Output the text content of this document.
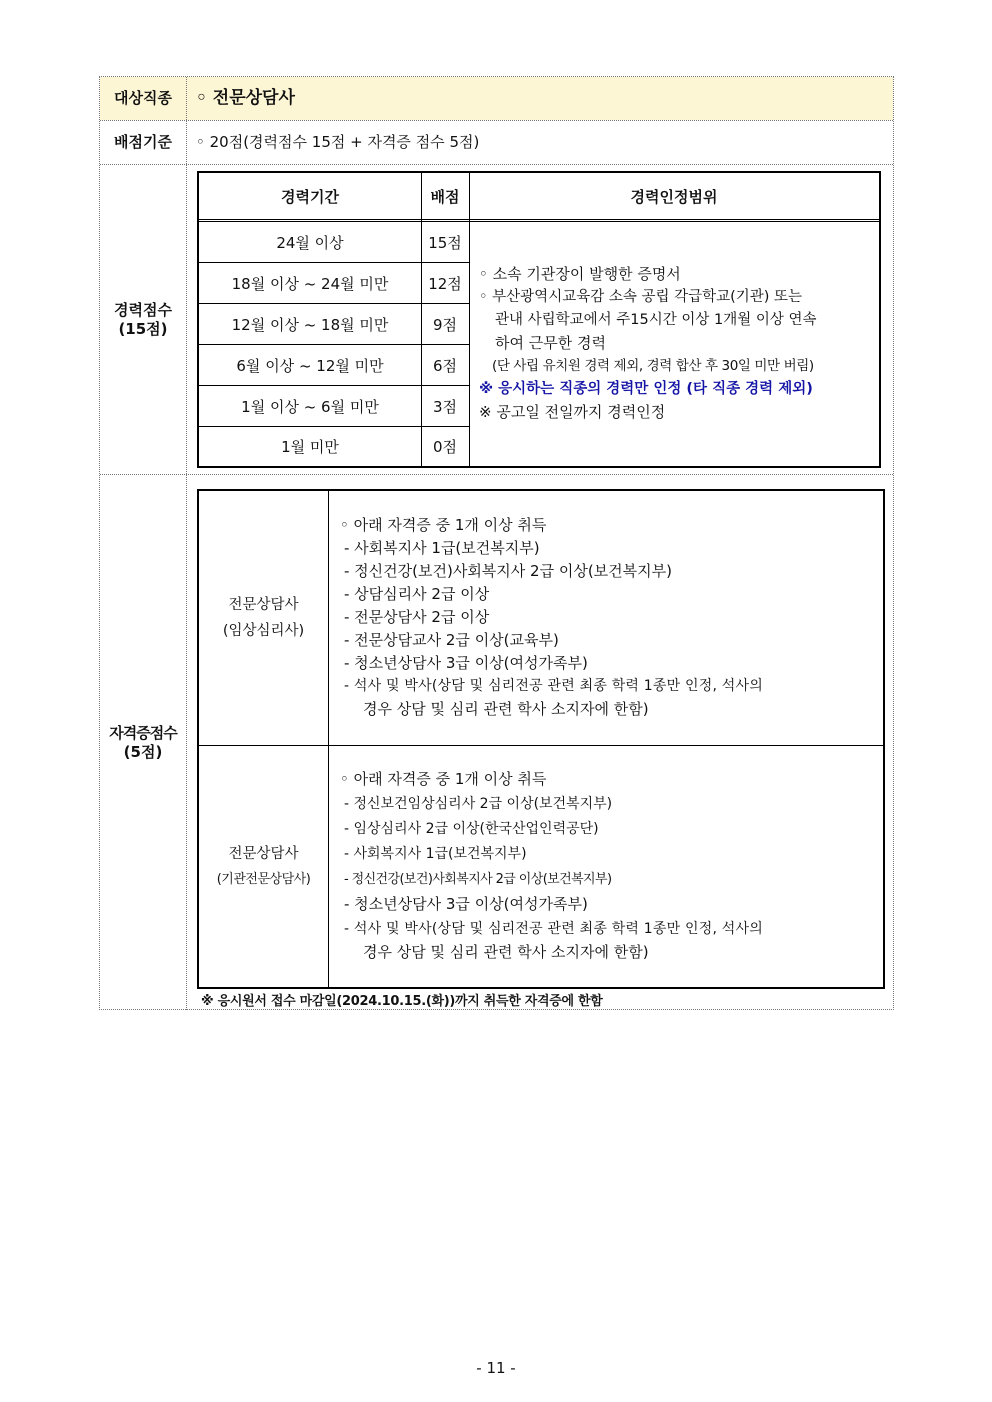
대상직종	◦ 전문상담사
배점기준	◦ 20점(경력점수 15점 + 자격증 점수 5점)
경력점수
(15점)
경력기간	배점	경력인정범위
24월 이상	15점
18월 이상 ~ 24월 미만	12점
12월 이상 ~ 18월 미만	9점
6월 이상 ~ 12월 미만	6점
1월 이상 ~ 6월 미만	3점
1월 미만	0점
◦ 소속 기관장이 발행한 증명서
◦ 부산광역시교육감 소속 공립 각급학교(기관) 또는
관내 사립학교에서 주15시간 이상 1개월 이상 연속
하여 근무한 경력
(단 사립 유치원 경력 제외, 경력 합산 후 30일 미만 버림)
※ 응시하는 직종의 경력만 인정 (타 직종 경력 제외)
※ 공고일 전일까지 경력인정
자격증점수
(5점)
전문상담사
(임상심리사)
◦ 아래 자격증 중 1개 이상 취득
- 사회복지사 1급(보건복지부)
- 정신건강(보건)사회복지사 2급 이상(보건복지부)
- 상담심리사 2급 이상
- 전문상담사 2급 이상
- 전문상담교사 2급 이상(교육부)
- 청소년상담사 3급 이상(여성가족부)
- 석사 및 박사(상담 및 심리전공 관련 최종 학력 1종만 인정, 석사의
경우 상담 및 심리 관련 학사 소지자에 한함)
전문상담사
(기관전문상담사)
◦ 아래 자격증 중 1개 이상 취득
- 정신보건임상심리사 2급 이상(보건복지부)
- 임상심리사 2급 이상(한국산업인력공단)
- 사회복지사 1급(보건복지부)
- 정신건강(보건)사회복지사 2급 이상(보건복지부)
- 청소년상담사 3급 이상(여성가족부)
- 석사 및 박사(상담 및 심리전공 관련 최종 학력 1종만 인정, 석사의
경우 상담 및 심리 관련 학사 소지자에 한함)
※ 응시원서 접수 마감일(2024.10.15.(화))까지 취득한 자격증에 한함
- 11 -
